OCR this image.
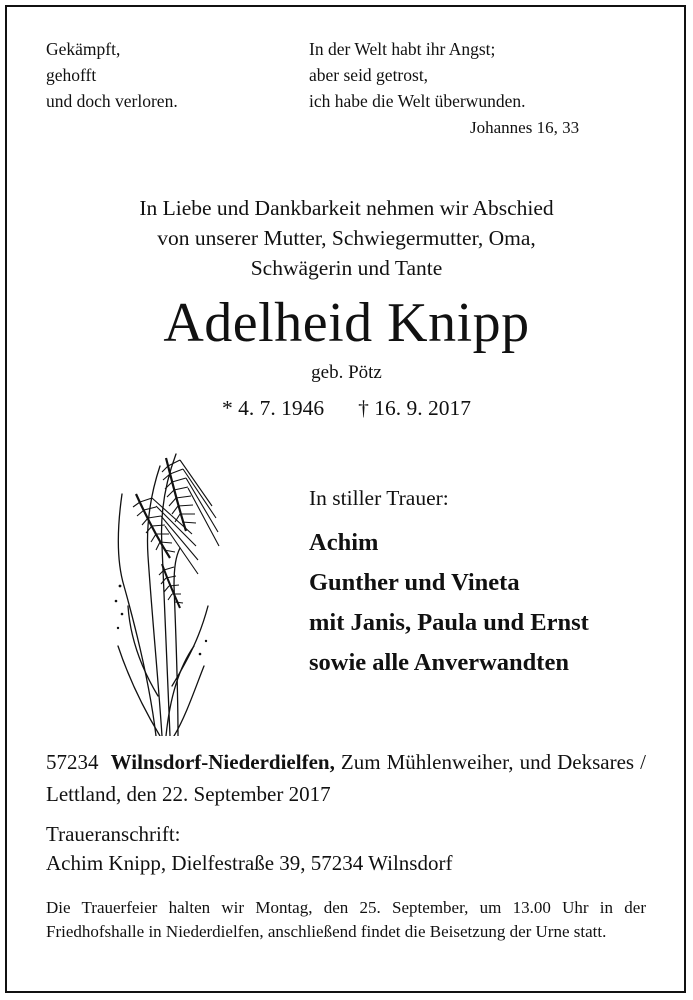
Gekämpft,
gehofft
und doch verloren.
In der Welt habt ihr Angst;
aber seid getrost,
ich habe die Welt überwunden.
Johannes 16, 33
In Liebe und Dankbarkeit nehmen wir Abschied
von unserer Mutter, Schwiegermutter, Oma,
Schwägerin und Tante
Adelheid Knipp
geb. Pötz
* 4. 7. 1946 † 16. 9. 2017
In stiller Trauer:
Achim
Gunther und Vineta
mit Janis, Paula und Ernst
sowie alle Anverwandten
57234 Wilnsdorf-Niederdielfen, Zum Mühlenweiher, und Deksares / Lettland, den 22. September 2017
Traueranschrift:
Achim Knipp, Dielfestraße 39, 57234 Wilnsdorf
Die Trauerfeier halten wir Montag, den 25. September, um 13.00 Uhr in der Friedhofshalle in Niederdielfen, anschließend findet die Beisetzung der Urne statt.
